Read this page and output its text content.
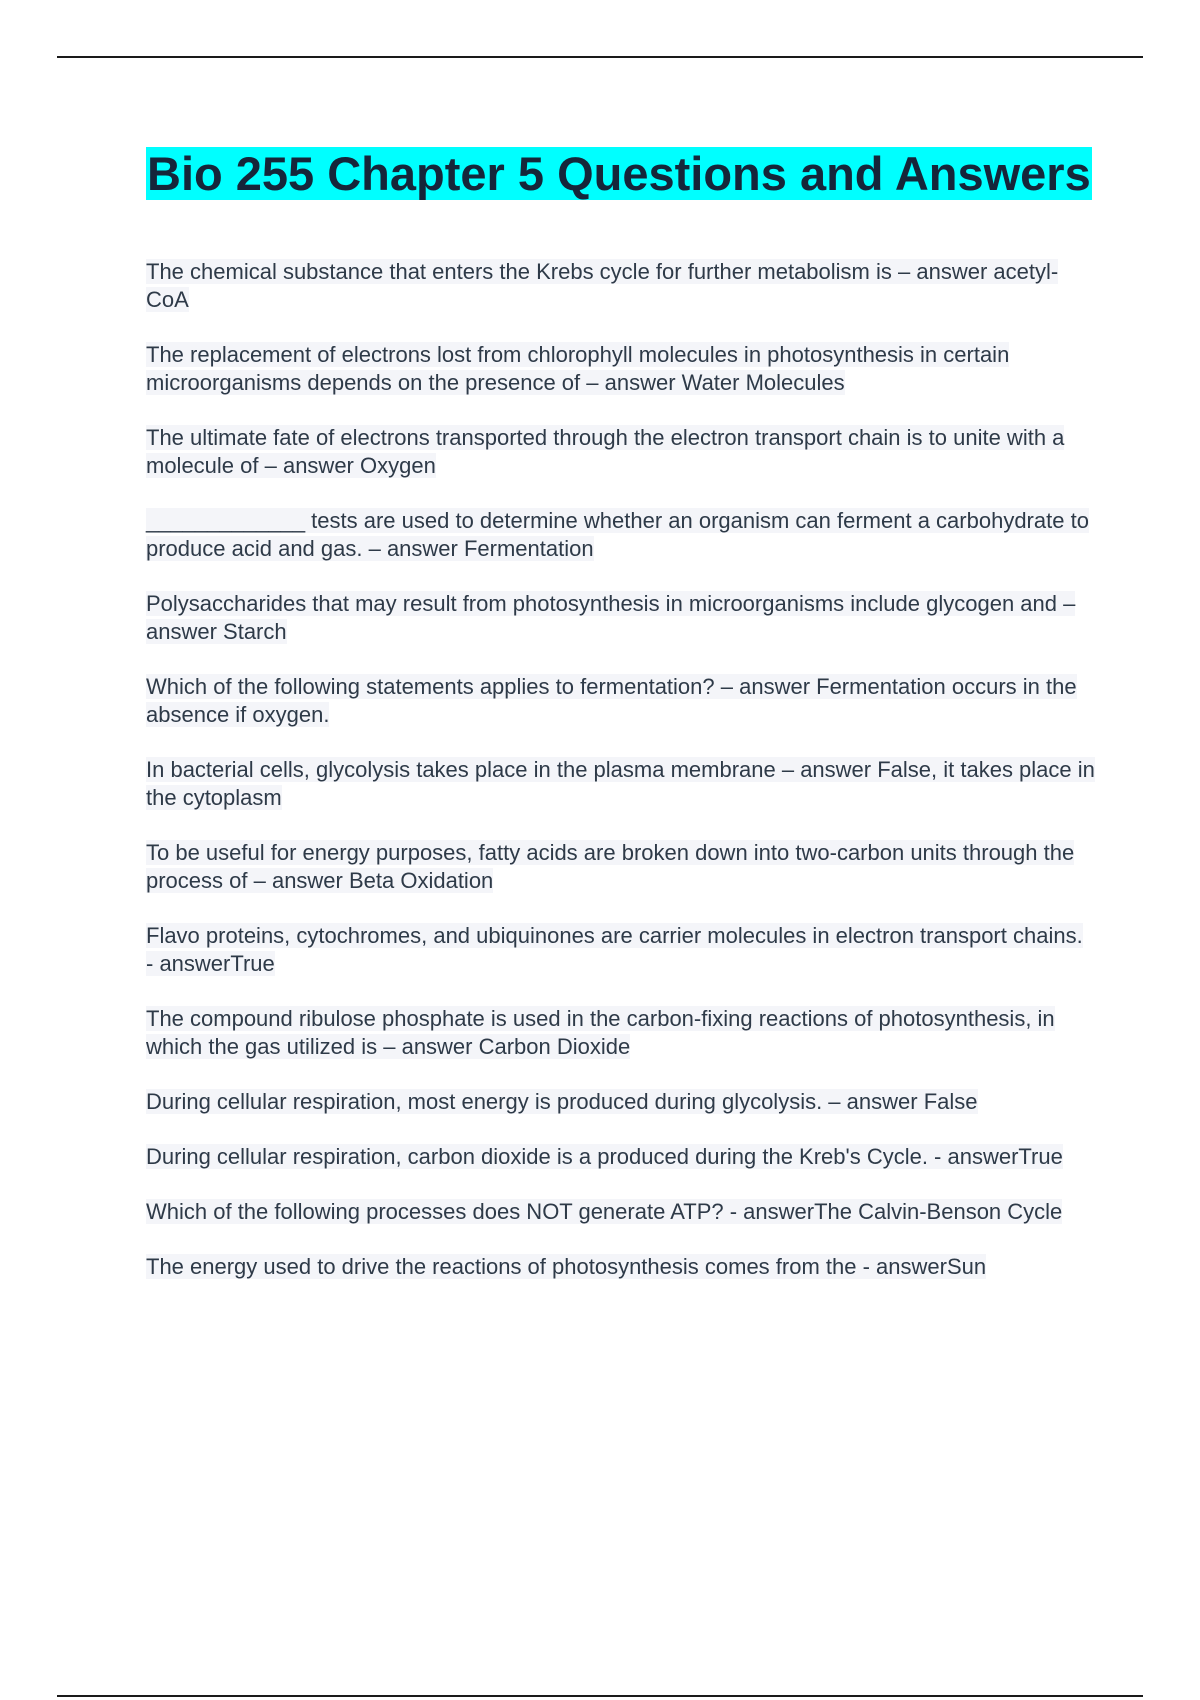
Bio 255 Chapter 5 Questions and Answers

The chemical substance that enters the Krebs cycle for further metabolism is – answer acetyl-CoA

The replacement of electrons lost from chlorophyll molecules in photosynthesis in certain microorganisms depends on the presence of – answer Water Molecules

The ultimate fate of electrons transported through the electron transport chain is to unite with a molecule of – answer Oxygen

_____________ tests are used to determine whether an organism can ferment a carbohydrate to produce acid and gas. – answer Fermentation

Polysaccharides that may result from photosynthesis in microorganisms include glycogen and – answer Starch

Which of the following statements applies to fermentation? – answer Fermentation occurs in the absence if oxygen.

In bacterial cells, glycolysis takes place in the plasma membrane – answer False, it takes place in the cytoplasm

To be useful for energy purposes, fatty acids are broken down into two-carbon units through the process of – answer Beta Oxidation

Flavo proteins, cytochromes, and ubiquinones are carrier molecules in electron transport chains. - answerTrue

The compound ribulose phosphate is used in the carbon-fixing reactions of photosynthesis, in which the gas utilized is – answer Carbon Dioxide

During cellular respiration, most energy is produced during glycolysis. – answer False

During cellular respiration, carbon dioxide is a produced during the Kreb's Cycle. - answerTrue

Which of the following processes does NOT generate ATP? - answerThe Calvin-Benson Cycle

The energy used to drive the reactions of photosynthesis comes from the - answerSun
